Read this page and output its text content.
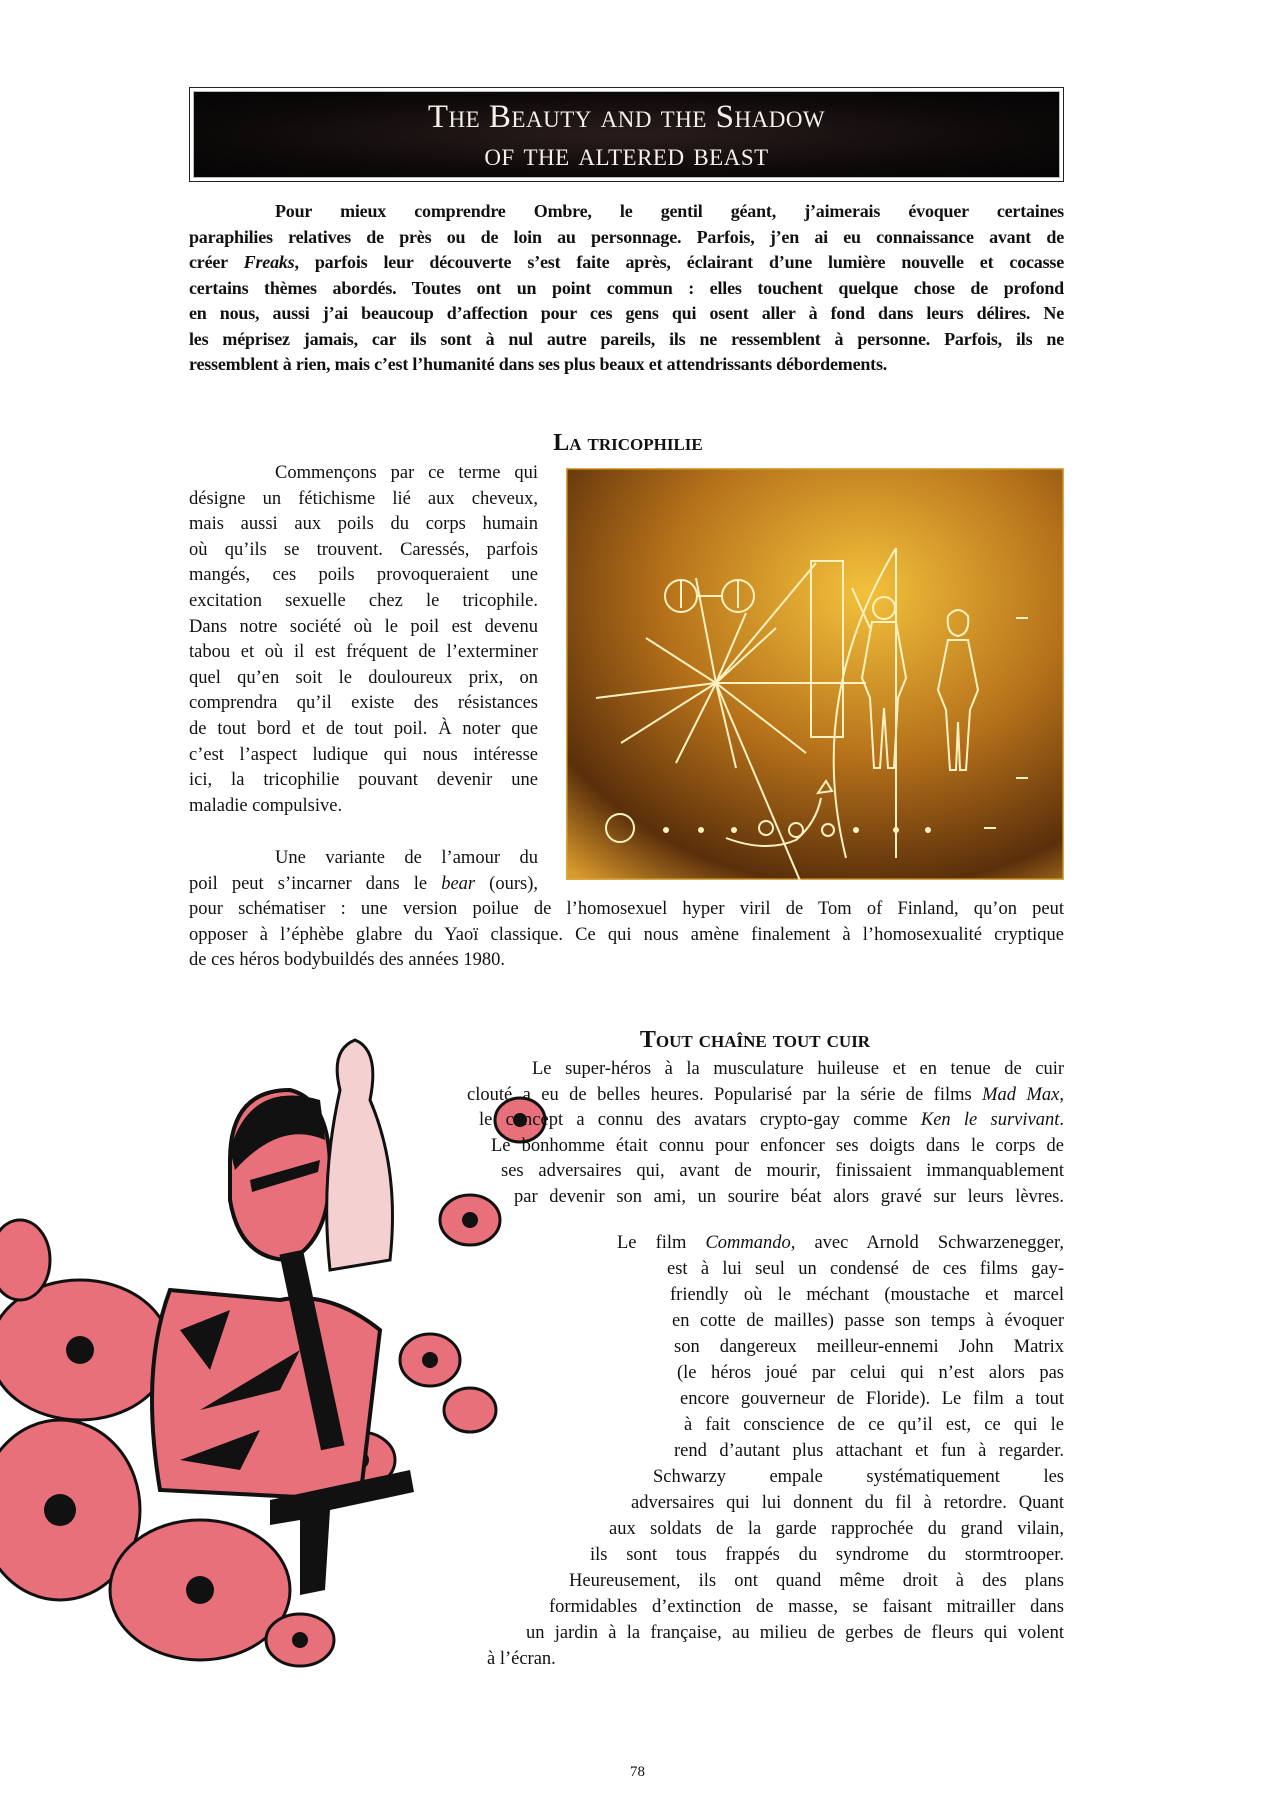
The Beauty and the Shadow
of the altered beast
Pour mieux comprendre Ombre, le gentil géant, j’aimerais évoquer certaines
paraphilies relatives de près ou de loin au personnage. Parfois, j’en ai eu connaissance avant de
créer Freaks, parfois leur découverte s’est faite après, éclairant d’une lumière nouvelle et cocasse
certains thèmes abordés. Toutes ont un point commun : elles touchent quelque chose de profond
en nous, aussi j’ai beaucoup d’affection pour ces gens qui osent aller à fond dans leurs délires. Ne
les méprisez jamais, car ils sont à nul autre pareils, ils ne ressemblent à personne. Parfois, ils ne
ressemblent à rien, mais c’est l’humanité dans ses plus beaux et attendrissants débordements.
La tricophilie
Commençons par ce terme qui
désigne un fétichisme lié aux cheveux,
mais aussi aux poils du corps humain
où qu’ils se trouvent. Caressés, parfois
mangés, ces poils provoqueraient une
excitation sexuelle chez le tricophile.
Dans notre société où le poil est devenu
tabou et où il est fréquent de l’exterminer
quel qu’en soit le douloureux prix, on
comprendra qu’il existe des résistances
de tout bord et de tout poil. À noter que
c’est l’aspect ludique qui nous intéresse
ici, la tricophilie pouvant devenir une
maladie compulsive.
Une variante de l’amour du
poil peut s’incarner dans le bear (ours),
pour schématiser : une version poilue de l’homosexuel hyper viril de Tom of Finland, qu’on peut
opposer à l’éphèbe glabre du Yaoï classique. Ce qui nous amène finalement à l’homosexualité cryptique
de ces héros bodybuildés des années 1980.
Tout chaîne tout cuir
Le super-héros à la musculature huileuse et en tenue de cuir
clouté a eu de belles heures. Popularisé par la série de films Mad Max,
le concept a connu des avatars crypto-gay comme Ken le survivant.
Le bonhomme était connu pour enfoncer ses doigts dans le corps de
ses adversaires qui, avant de mourir, finissaient immanquablement
par devenir son ami, un sourire béat alors gravé sur leurs lèvres.
Le film Commando, avec Arnold Schwarzenegger,
est à lui seul un condensé de ces films gay-
friendly où le méchant (moustache et marcel
en cotte de mailles) passe son temps à évoquer
son dangereux meilleur-ennemi John Matrix
(le héros joué par celui qui n’est alors pas
encore gouverneur de Floride). Le film a tout
à fait conscience de ce qu’il est, ce qui le
rend d’autant plus attachant et fun à regarder.
Schwarzy empale systématiquement les
adversaires qui lui donnent du fil à retordre. Quant
aux soldats de la garde rapprochée du grand vilain,
ils sont tous frappés du syndrome du stormtrooper.
Heureusement, ils ont quand même droit à des plans
formidables d’extinction de masse, se faisant mitrailler dans
un jardin à la française, au milieu de gerbes de fleurs qui volent
à l’écran.
78
